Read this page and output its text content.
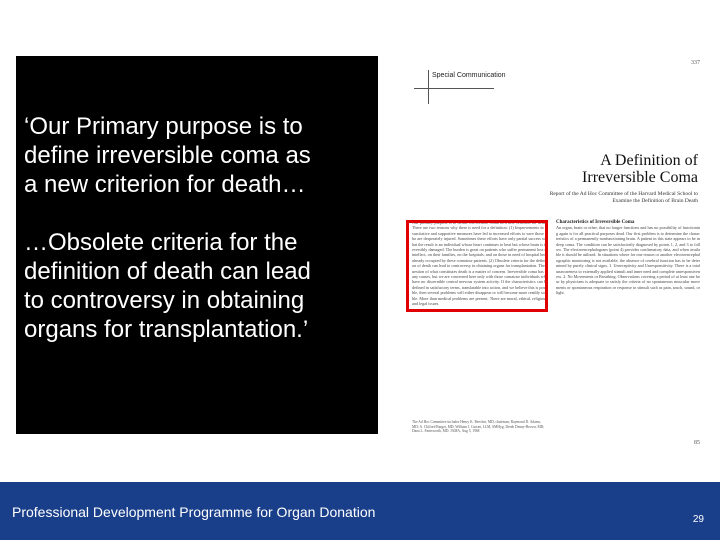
‘Our Primary purpose is to

define irreversible coma as

a new criterion for death…

…Obsolete criteria for the

definition of death can lead

to controversy in obtaining

organs for transplantation.’

337
Special Communication
A Definition of
Irreversible Coma
Report of the Ad Hoc Committee of the Harvard Medical School to Examine the Definition of Brain Death
Our primary purpose is to define irreversible coma as a new criterion for death. There are two reasons why there is need for a definition: (1) Improvements in resuscitative and supportive measures have led to increased efforts to save those who are desperately injured. Sometimes these efforts have only partial success so that the result is an individual whose heart continues to beat but whose brain is irreversibly damaged. The burden is great on patients who suffer permanent loss of intellect, on their families, on the hospitals, and on those in need of hospital beds already occupied by these comatose patients. (2) Obsolete criteria for the definition of death can lead to controversy in obtaining organs for transplantation. The question of what constitutes death is a matter of concern. Irreversible coma has many causes, but we are concerned here only with those comatose individuals who have no discernible central nervous system activity. If the characteristics can be defined in satisfactory terms, translatable into action, and we believe this is possible, then several problems will either disappear or will become more readily soluble. More than medical problems are present. There are moral, ethical, religious, and legal issues.
Characteristics of Irreversible Coma
An organ, brain or other, that no longer functions and has no possibility of functioning again is for all practical purposes dead. Our first problem is to determine the characteristics of a permanently nonfunctioning brain. A patient in this state appears to be in deep coma. The condition can be satisfactorily diagnosed by points 1, 2, and 3 to follow. The electroencephalogram (point 4) provides confirmatory data, and when available it should be utilized. In situations where for one reason or another electroencephalographic monitoring is not available, the absence of cerebral function has to be determined by purely clinical signs. 1. Unreceptivity and Unresponsitivity. There is a total unawareness to externally applied stimuli and inner need and complete unresponsiveness. 2. No Movements or Breathing. Observations covering a period of at least one hour by physicians is adequate to satisfy the criteria of no spontaneous muscular movements or spontaneous respiration or response to stimuli such as pain, touch, sound, or light.
The Ad Hoc Committee includes Henry K. Beecher, MD, chairman; Raymond D. Adams, MD; A. Clifford Barger, MD; William J. Curran, LLM, SMHyg; Derek Denny-Brown, MD; Dana L. Farnsworth, MD. JAMA, Aug 5, 1968
85
Professional Development Programme for Organ Donation	29
